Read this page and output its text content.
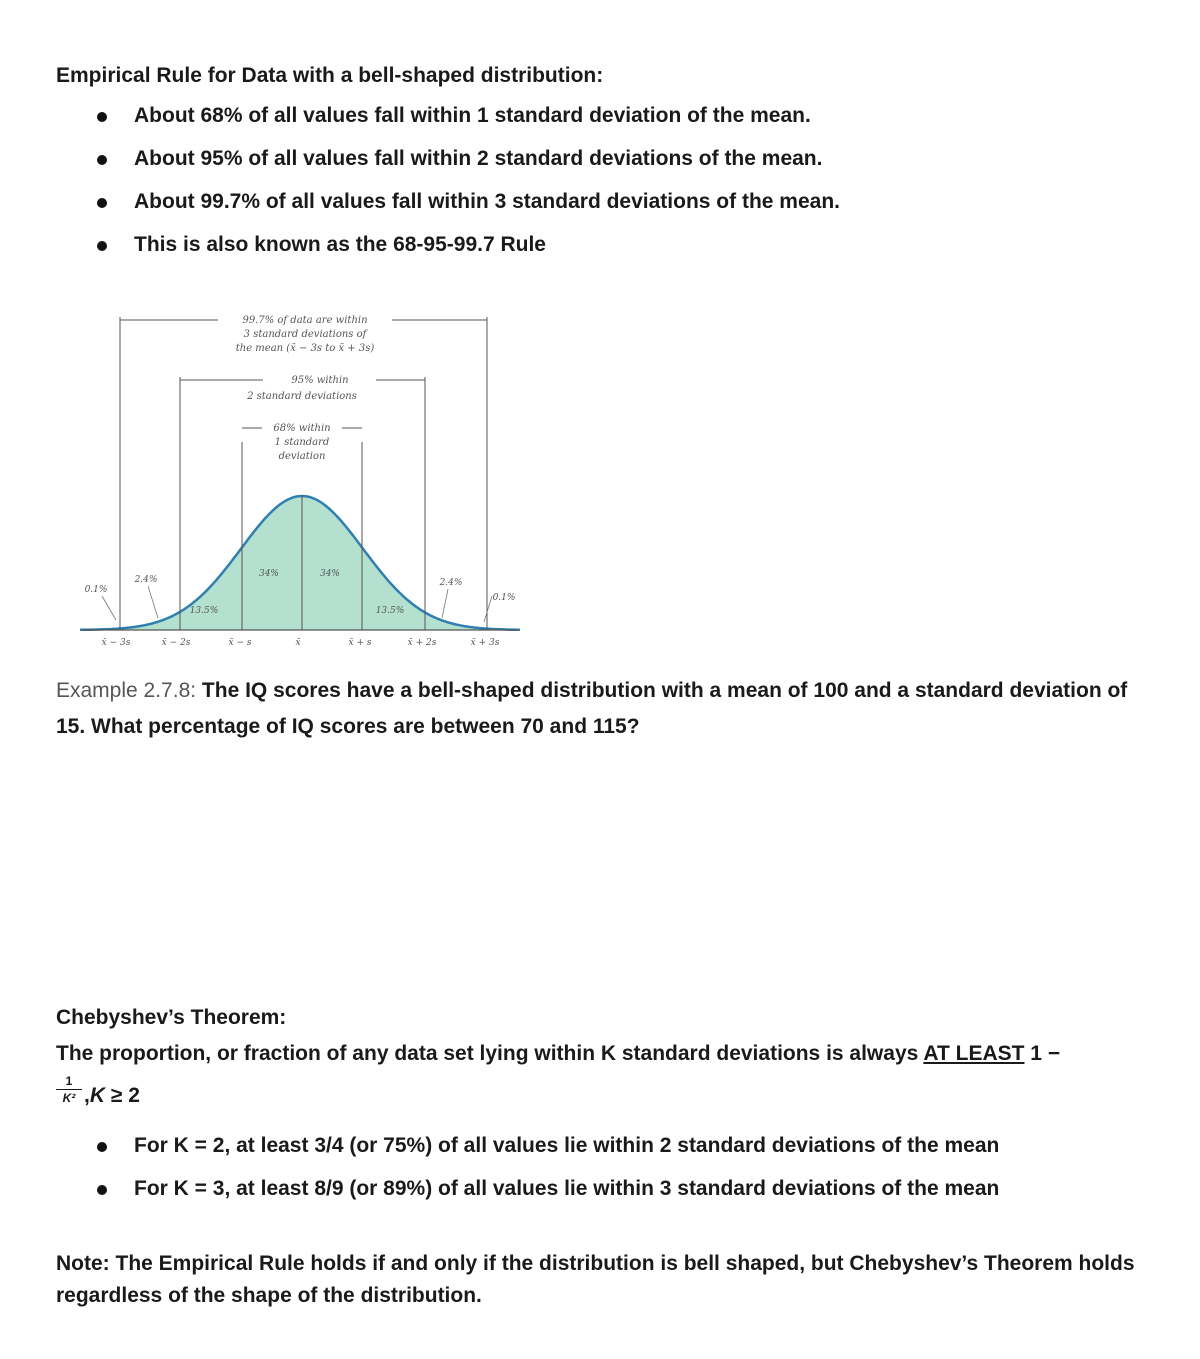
Empirical Rule for Data with a bell-shaped distribution:
About 68% of all values fall within 1 standard deviation of the mean.
About 95% of all values fall within 2 standard deviations of the mean.
About 99.7% of all values fall within 3 standard deviations of the mean.
This is also known as the 68-95-99.7 Rule
99.7% of data are within
3 standard deviations of
the mean (x̄ − 3s to x̄ + 3s)
95% within
2 standard deviations
68% within
1 standard
deviation
0.1%
2.4%
13.5%
34%	34%
13.5%
2.4%
0.1%
x̄ − 3s	x̄ − 2s	x̄ − s	x̄	x̄ + s	x̄ + 2s	x̄ + 3s
Example 2.7.8: The IQ scores have a bell-shaped distribution with a mean of 100 and a standard deviation of 15. What percentage of IQ scores are between 70 and 115?
Chebyshev’s Theorem:
The proportion, or fraction of any data set lying within K standard deviations is always AT LEAST 1 −
$\frac{1}{\text{K²}} ,K \ge 2$
For K = 2, at least 3/4 (or 75%) of all values lie within 2 standard deviations of the mean
For K = 3, at least 8/9 (or 89%) of all values lie within 3 standard deviations of the mean
Note: The Empirical Rule holds if and only if the distribution is bell shaped, but Chebyshev’s Theorem holds regardless of the shape of the distribution.
